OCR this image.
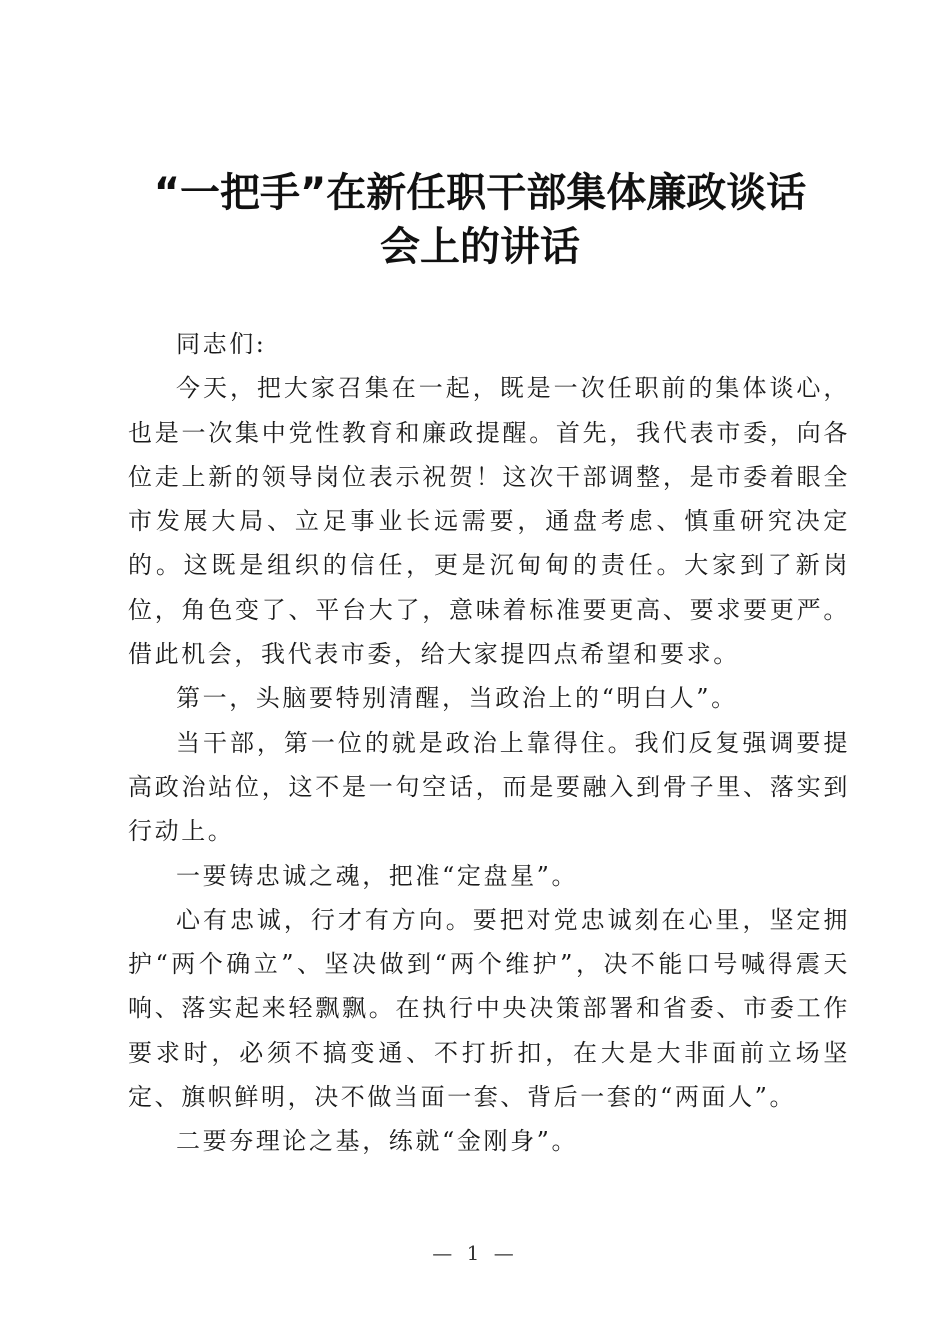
“一把手”在新任职干部集体廉政谈话
会上的讲话

同志们:

今天，把大家召集在一起，既是一次任职前的集体谈心，也是一次集中党性教育和廉政提醒。首先，我代表市委，向各位走上新的领导岗位表示祝贺！这次干部调整，是市委着眼全市发展大局、立足事业长远需要，通盘考虑、慎重研究决定的。这既是组织的信任，更是沉甸甸的责任。大家到了新岗位，角色变了、平台大了，意味着标准要更高、要求要更严。借此机会，我代表市委，给大家提四点希望和要求。

第一，头脑要特别清醒，当政治上的“明白人”。

当干部，第一位的就是政治上靠得住。我们反复强调要提高政治站位，这不是一句空话，而是要融入到骨子里、落实到行动上。

一要铸忠诚之魂，把准“定盘星”。

心有忠诚，行才有方向。要把对党忠诚刻在心里，坚定拥护“两个确立”、坚决做到“两个维护”，决不能口号喊得震天响、落实起来轻飘飘。在执行中央决策部署和省委、市委工作要求时，必须不搞变通、不打折扣，在大是大非面前立场坚定、旗帜鲜明，决不做当面一套、背后一套的“两面人”。

二要夯理论之基，练就“金刚身”。

— 1 —
